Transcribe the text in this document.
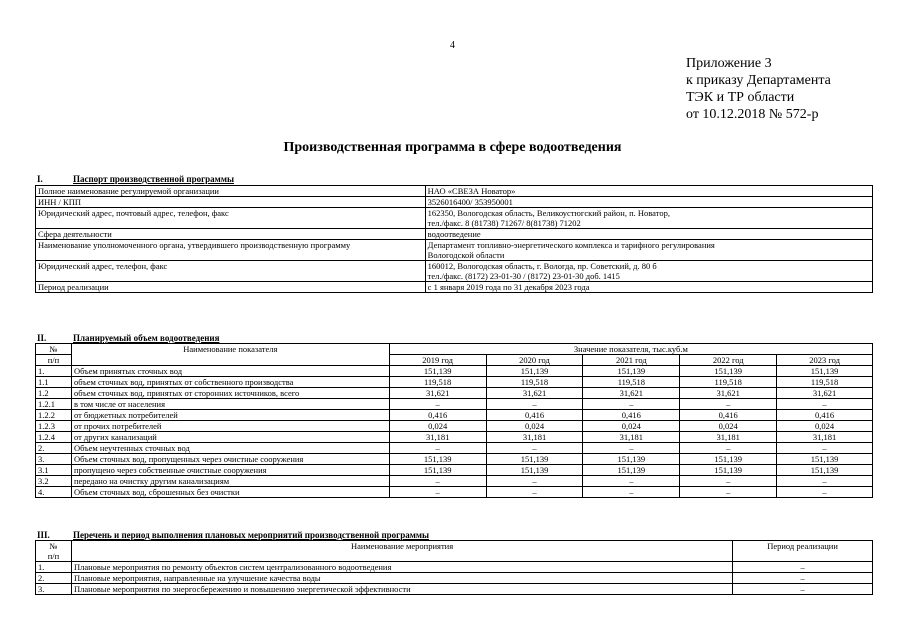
4
Приложение 3
к приказу Департамента
ТЭК и ТР области
от 10.12.2018 № 572-р
Производственная программа в сфере водоотведения
I.	Паспорт производственной программы
Полное наименование регулируемой организации	НАО «СВЕЗА Новатор»
ИНН / КПП	3526016400/ 353950001
Юридический адрес, почтовый адрес, телефон, факс	162350, Вологодская область, Великоустюгский район, п. Новатор,
тел./факс. 8 (81738) 71267/ 8(81738) 71202
Сфера деятельности	водоотведение
Наименование уполномоченного органа, утвердившего производственную программу	Департамент топливно-энергетического комплекса и тарифного регулирования
Вологодской области
Юридический адрес, телефон, факс	160012, Вологодская область, г. Вологда, пр. Советский, д. 80 б
тел./факс. (8172) 23-01-30 / (8172) 23-01-30 доб. 1415
Период реализации	с 1 января 2019 года по 31 декабря 2023 года
II.	Планируемый объем водоотведения
№	Наименование показателя	Значение показателя, тыс.куб.м				
п/п		2019 год	2020 год	2021 год	2022 год	2023 год
1.	Объем принятых сточных вод	151,139	151,139	151,139	151,139	151,139
1.1	объем сточных вод, принятых от собственного производства	119,518	119,518	119,518	119,518	119,518
1.2	объем сточных вод, принятых от сторонних источников, всего	31,621	31,621	31,621	31,621	31,621
1.2.1	в том числе от населения	–	–	–	–	–
1.2.2	от бюджетных потребителей	0,416	0,416	0,416	0,416	0,416
1.2.3	от прочих потребителей	0,024	0,024	0,024	0,024	0,024
1.2.4	от других канализаций	31,181	31,181	31,181	31,181	31,181
2.	Объем неучтенных сточных вод	–	–	–	–	–
3.	Объем сточных вод, пропущенных через очистные сооружения	151,139	151,139	151,139	151,139	151,139
3.1	пропущено через собственные очистные сооружения	151,139	151,139	151,139	151,139	151,139
3.2	передано на очистку другим канализациям	–	–	–	–	–
4.	Объем сточных вод, сброшенных без очистки	–	–	–	–	–
III.	Перечень и период выполнения плановых мероприятий производственной программы
№
п/п	Наименование мероприятия	Период реализации
1.	Плановые мероприятия по ремонту объектов систем централизованного водоотведения	–
2.	Плановые мероприятия, направленные на улучшение качества воды	–
3.	Плановые мероприятия по энергосбережению и повышению энергетической эффективности	–
